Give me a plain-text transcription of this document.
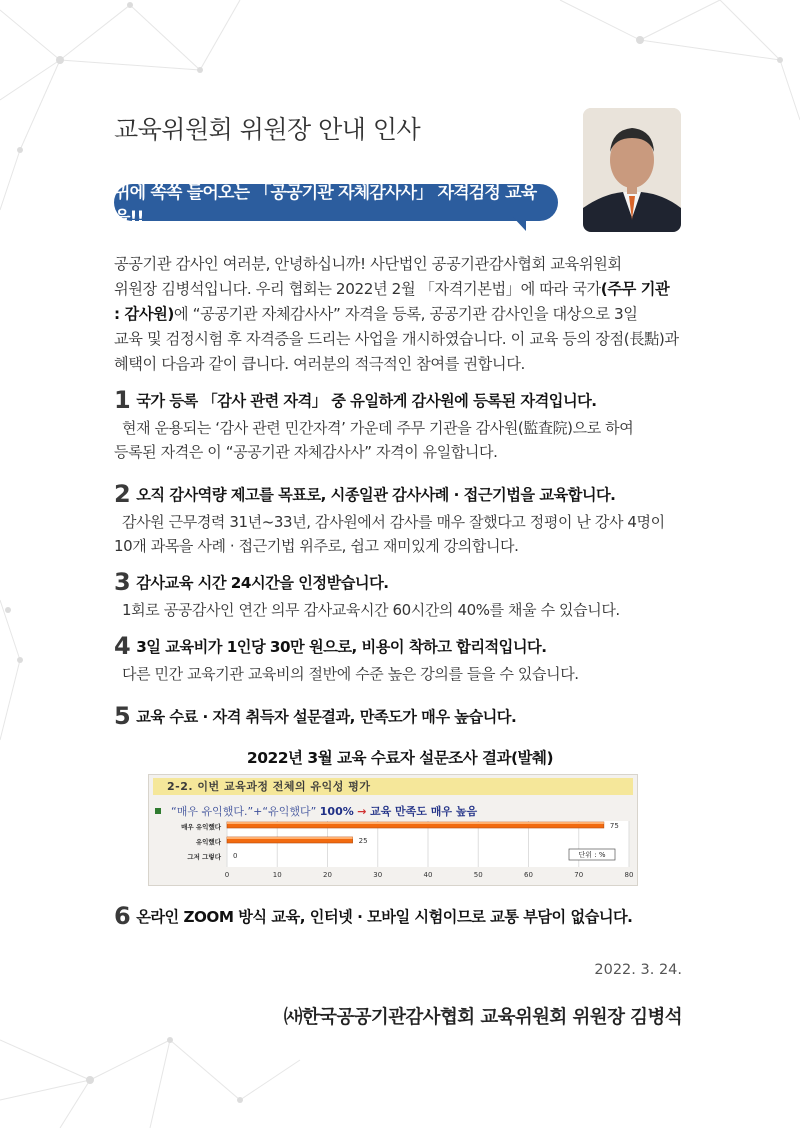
교육위원회 위원장 안내 인사
귀에 쏙쏙 들어오는 「공공기관 자체감사사」 자격검정 교육을!!
공공기관 감사인 여러분, 안녕하십니까! 사단법인 공공기관감사협회 교육위원회
위원장 김병석입니다. 우리 협회는 2022년 2월 「자격기본법」에 따라 국가(주무 기관
: 감사원)에 “공공기관 자체감사사” 자격을 등록, 공공기관 감사인을 대상으로 3일
교육 및 검정시험 후 자격증을 드리는 사업을 개시하였습니다. 이 교육 등의 장점(長點)과
혜택이 다음과 같이 큽니다. 여러분의 적극적인 참여를 권합니다.
1 국가 등록 「감사 관련 자격」 중 유일하게 감사원에 등록된 자격입니다.
현재 운용되는 ‘감사 관련 민간자격’ 가운데 주무 기관을 감사원(監査院)으로 하여
등록된 자격은 이 “공공기관 자체감사사” 자격이 유일합니다.
2 오직 감사역량 제고를 목표로, 시종일관 감사사례 · 접근기법을 교육합니다.
감사원 근무경력 31년~33년, 감사원에서 감사를 매우 잘했다고 정평이 난 강사 4명이
10개 과목을 사례 · 접근기법 위주로, 쉽고 재미있게 강의합니다.
3 감사교육 시간 24시간을 인정받습니다.
1회로 공공감사인 연간 의무 감사교육시간 60시간의 40%를 채울 수 있습니다.
4 3일 교육비가 1인당 30만 원으로, 비용이 착하고 합리적입니다.
다른 민간 교육기관 교육비의 절반에 수준 높은 강의를 들을 수 있습니다.
5 교육 수료 · 자격 취득자 설문결과, 만족도가 매우 높습니다.
2022년 3월 교육 수료자 설문조사 결과(발췌)
2-2. 이번 교육과정 전체의 유익성 평가
“매우 유익했다.”+“유익했다” 100% → 교육 만족도 매우 높음
0	10	20	30	40	50	60	70	80
매우 유익했다	75
유익했다	25
그저 그렇다 0	단위 : %
6 온라인 ZOOM 방식 교육, 인터넷 · 모바일 시험이므로 교통 부담이 없습니다.
2022. 3. 24.
㈔한국공공기관감사협회 교육위원회 위원장 김병석
